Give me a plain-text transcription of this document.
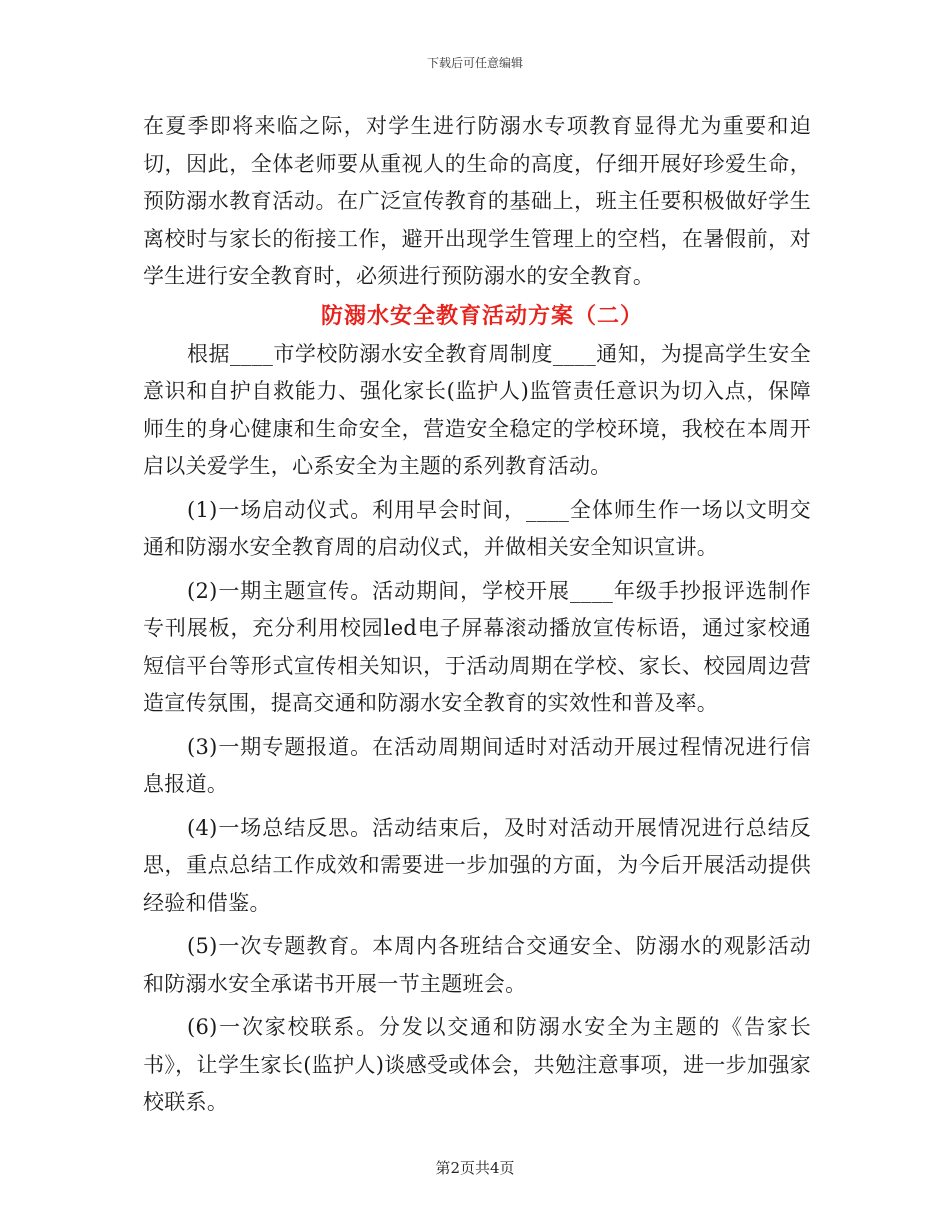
下载后可任意编辑

在夏季即将来临之际，对学生进行防溺水专项教育显得尤为重要和迫切，因此，全体老师要从重视人的生命的高度，仔细开展好珍爱生命，预防溺水教育活动。在广泛宣传教育的基础上，班主任要积极做好学生离校时与家长的衔接工作，避开出现学生管理上的空档，在暑假前，对学生进行安全教育时，必须进行预防溺水的安全教育。

防溺水安全教育活动方案（二）

根据____市学校防溺水安全教育周制度____通知，为提高学生安全意识和自护自救能力、强化家长(监护人)监管责任意识为切入点，保障师生的身心健康和生命安全，营造安全稳定的学校环境，我校在本周开启以关爱学生，心系安全为主题的系列教育活动。

(1)一场启动仪式。利用早会时间，____全体师生作一场以文明交通和防溺水安全教育周的启动仪式，并做相关安全知识宣讲。

(2)一期主题宣传。活动期间，学校开展____年级手抄报评选制作专刊展板，充分利用校园led电子屏幕滚动播放宣传标语，通过家校通短信平台等形式宣传相关知识，于活动周期在学校、家长、校园周边营造宣传氛围，提高交通和防溺水安全教育的实效性和普及率。

(3)一期专题报道。在活动周期间适时对活动开展过程情况进行信息报道。

(4)一场总结反思。活动结束后，及时对活动开展情况进行总结反思，重点总结工作成效和需要进一步加强的方面，为今后开展活动提供经验和借鉴。

(5)一次专题教育。本周内各班结合交通安全、防溺水的观影活动和防溺水安全承诺书开展一节主题班会。

(6)一次家校联系。分发以交通和防溺水安全为主题的《告家长书》，让学生家长(监护人)谈感受或体会，共勉注意事项，进一步加强家校联系。

第2页共4页
